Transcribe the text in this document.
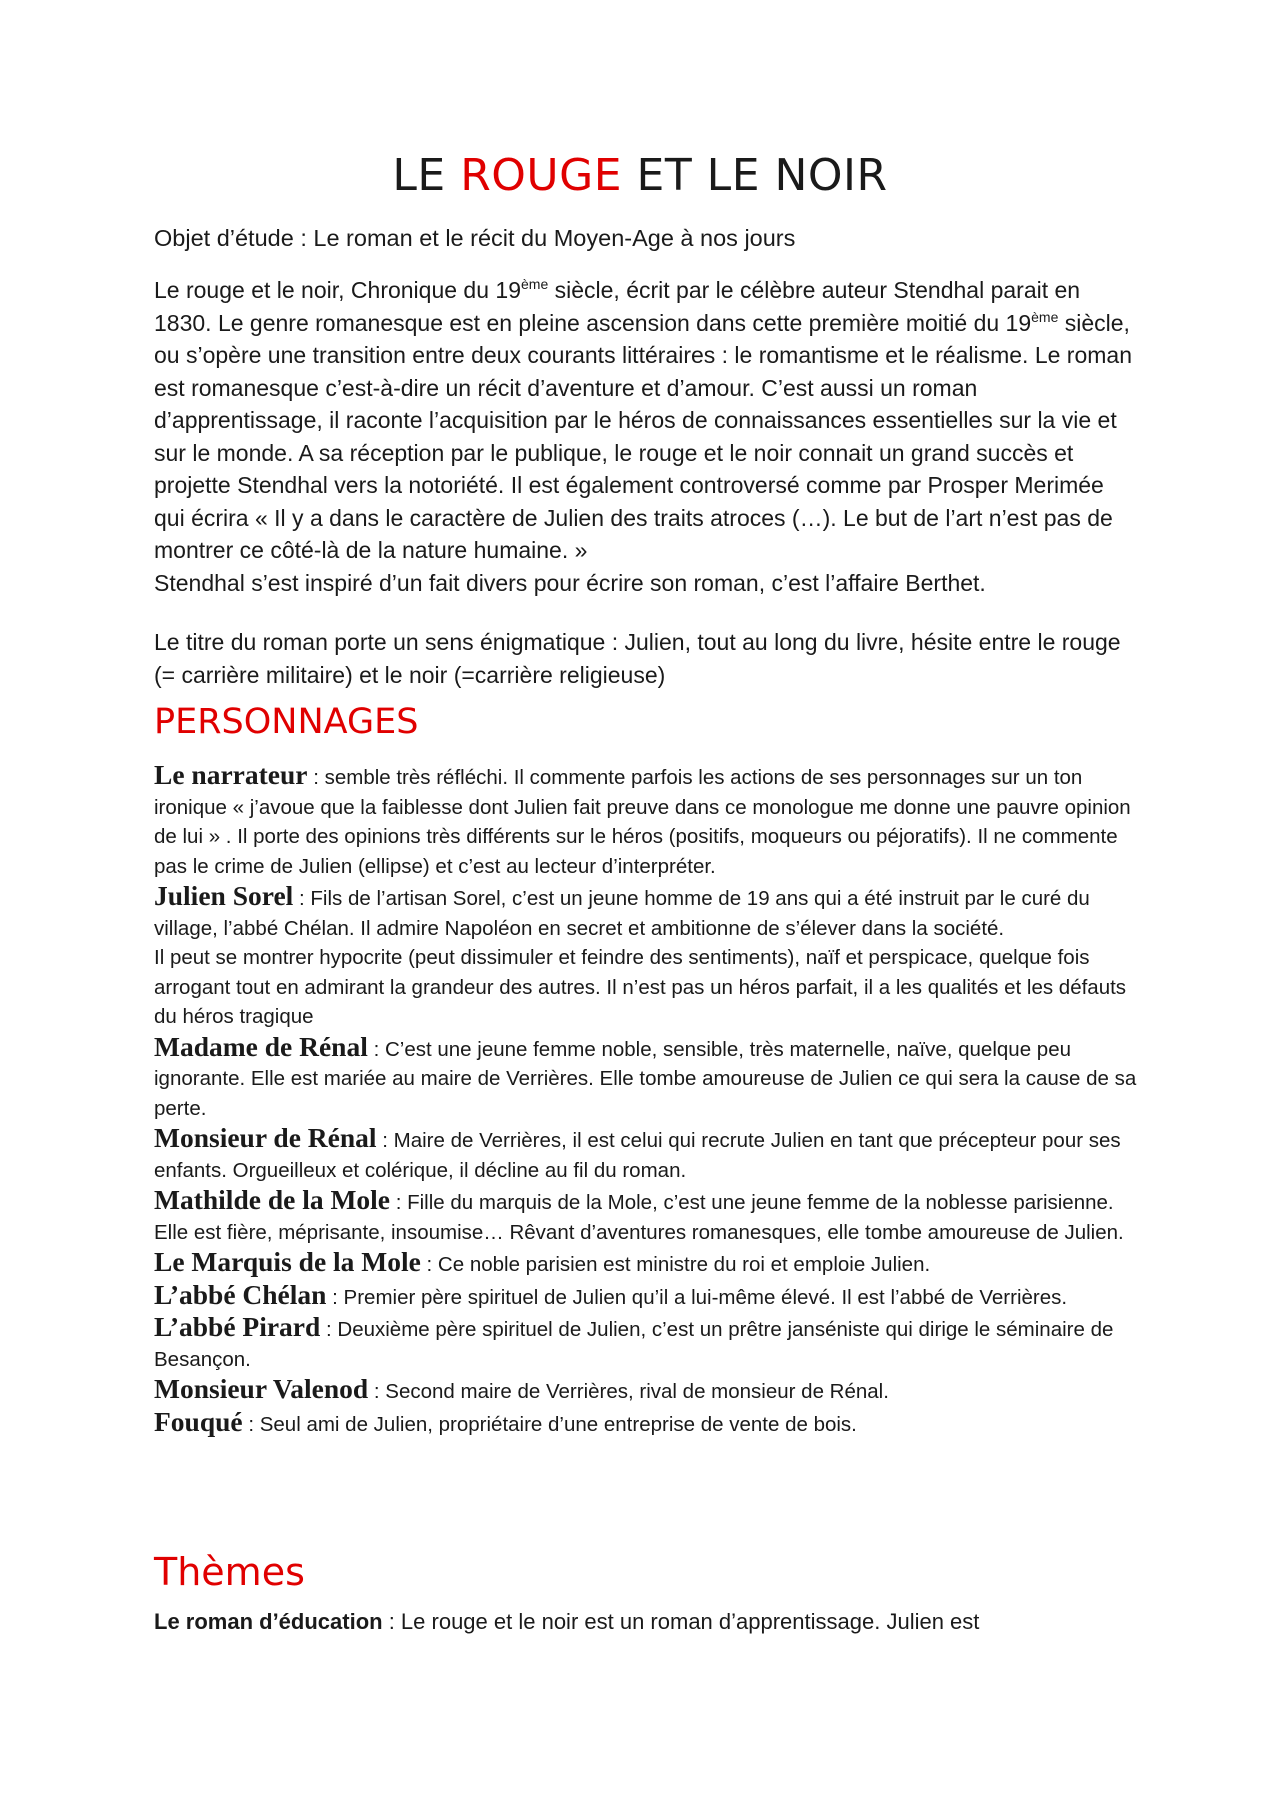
LE ROUGE ET LE NOIR
Objet d’étude : Le roman et le récit du Moyen-Age à nos jours

Le rouge et le noir, Chronique du 19ème siècle, écrit par le célèbre auteur Stendhal parait en 1830. Le genre romanesque est en pleine ascension dans cette première moitié du 19ème siècle, ou s’opère une transition entre deux courants littéraires : le romantisme et le réalisme. Le roman est romanesque c’est-à-dire un récit d’aventure et d’amour. C’est aussi un roman d’apprentissage, il raconte l’acquisition par le héros de connaissances essentielles sur la vie et sur le monde. A sa réception par le publique, le rouge et le noir connait un grand succès et projette Stendhal vers la notoriété. Il est également controversé comme par Prosper Merimée qui écrira « Il y a dans le caractère de Julien des traits atroces (…). Le but de l’art n’est pas de montrer ce côté-là de la nature humaine. »

Stendhal s’est inspiré d’un fait divers pour écrire son roman, c’est l’affaire Berthet.

Le titre du roman porte un sens énigmatique : Julien, tout au long du livre, hésite entre le rouge (= carrière militaire) et le noir (=carrière religieuse)
PERSONNAGES

Le narrateur : semble très réfléchi. Il commente parfois les actions de ses personnages sur un ton ironique « j’avoue que la faiblesse dont Julien fait preuve dans ce monologue me donne une pauvre opinion de lui » . Il porte des opinions très différents sur le héros (positifs, moqueurs ou péjoratifs). Il ne commente pas le crime de Julien (ellipse) et c’est au lecteur d’interpréter.

Julien Sorel : Fils de l’artisan Sorel, c’est un jeune homme de 19 ans qui a été instruit par le curé du village, l’abbé Chélan. Il admire Napoléon en secret et ambitionne de s’élever dans la société.

Il peut se montrer hypocrite (peut dissimuler et feindre des sentiments), naïf et perspicace, quelque fois arrogant tout en admirant la grandeur des autres. Il n’est pas un héros parfait, il a les qualités et les défauts du héros tragique

Madame de Rénal : C’est une jeune femme noble, sensible, très maternelle, naïve, quelque peu ignorante. Elle est mariée au maire de Verrières. Elle tombe amoureuse de Julien ce qui sera la cause de sa perte.

Monsieur de Rénal : Maire de Verrières, il est celui qui recrute Julien en tant que précepteur pour ses enfants. Orgueilleux et colérique, il décline au fil du roman.

Mathilde de la Mole : Fille du marquis de la Mole, c’est une jeune femme de la noblesse parisienne. Elle est fière, méprisante, insoumise… Rêvant d’aventures romanesques, elle tombe amoureuse de Julien.

Le Marquis de la Mole : Ce noble parisien est ministre du roi et emploie Julien.

L’abbé Chélan : Premier père spirituel de Julien qu’il a lui-même élevé. Il est l’abbé de Verrières.

L’abbé Pirard : Deuxième père spirituel de Julien, c’est un prêtre janséniste qui dirige le séminaire de Besançon.

Monsieur Valenod : Second maire de Verrières, rival de monsieur de Rénal.

Fouqué : Seul ami de Julien, propriétaire d’une entreprise de vente de bois.

Thèmes
Le roman d’éducation : Le rouge et le noir est un roman d’apprentissage. Julien est
